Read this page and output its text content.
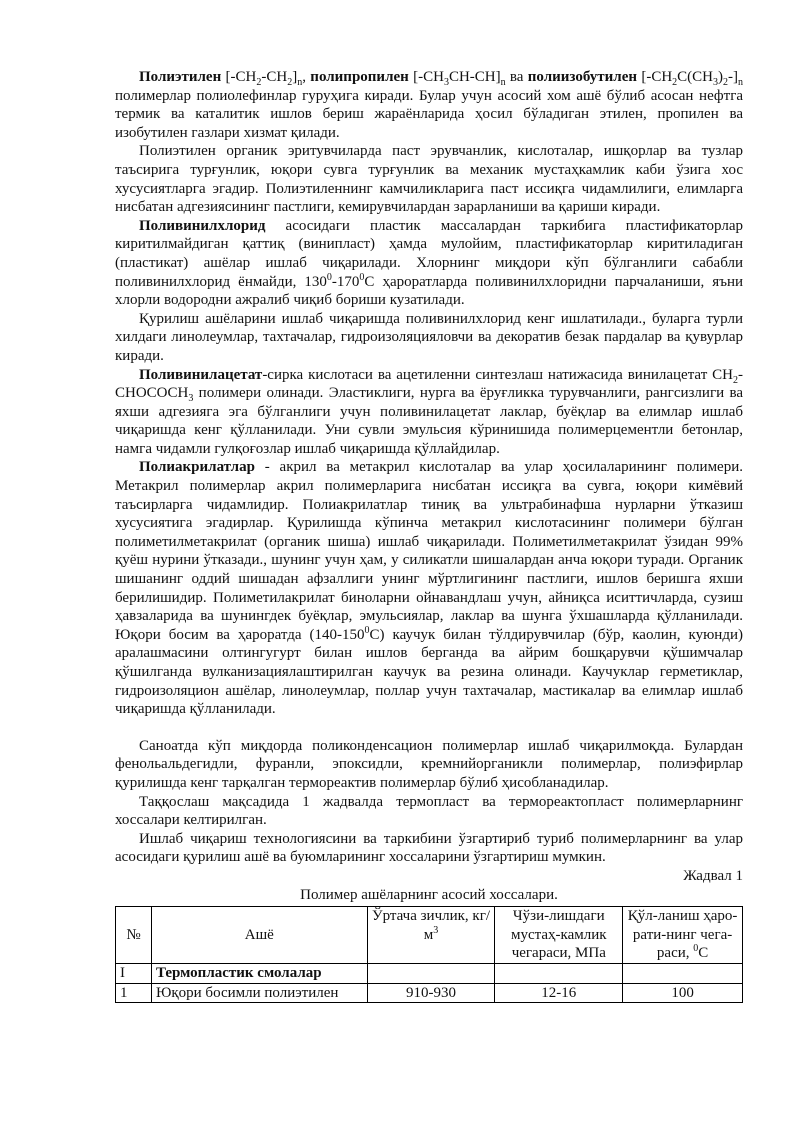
Полиэтилен $[-CH_2-CH_2]_n$, полипропилен $[-CH_3CH-CH]_n$ ва полиизобутилен $[-CH_2C(CH_3)_2-]_n$ полимерлар полиолефинлар гуруҳига киради. Булар учун асосий хом ашё бўлиб асосан нефтга термик ва каталитик ишлов бериш жараёнларида ҳосил бўладиган этилен, пропилен ва изобутилен газлари хизмат қилади.

Полиэтилен органик эритувчиларда паст эрувчанлик, кислоталар, ишқорлар ва тузлар таъсирига турғунлик, юқори сувга турғунлик ва механик мустаҳкамлик каби ўзига хос хусусиятларга эгадир. Полиэтиленнинг камчиликларига паст иссиқга чидамлилиги, елимларга нисбатан адгезиясининг пастлиги, кемирувчилардан зарарланиши ва қариши киради.

Поливинилхлорид асосидаги пластик массалардан таркибига пластификаторлар киритилмайдиган қаттиқ (винипласт) ҳамда мулойим, пластификаторлар киритиладиган (пластикат) ашёлар ишлаб чиқарилади. Хлорнинг миқдори кўп бўлганлиги сабабли поливинилхлорид ёнмайди, $130^0-170^0С$ ҳароратларда поливинилхлоридни парчаланиши, яъни хлорли водородни ажралиб чиқиб бориши кузатилади.

Қурилиш ашёларини ишлаб чиқаришда поливинилхлорид кенг ишлатилади., буларга турли хилдаги линолеумлар, тахтачалар, гидроизоляцияловчи ва декоратив безак пардалар ва қувурлар киради.

Поливинилацетат-сирка кислотаси ва ацетиленни синтезлаш натижасида винилацетат $CH_2-CHOCOCH_3$ полимери олинади. Эластиклиги, нурга ва ёруғликка турувчанлиги, рангсизлиги ва яхши адгезияга эга бўлганлиги учун поливинилацетат лаклар, буёқлар ва елимлар ишлаб чиқаришда кенг қўлланилади. Уни сувли эмульсия кўринишида полимерцементли бетонлар, намга чидамли гулқоғозлар ишлаб чиқаришда қўллайдилар.

Полиакрилатлар - акрил ва метакрил кислоталар ва улар ҳосилаларининг полимери. Метакрил полимерлар акрил полимерларига нисбатан иссиқга ва сувга, юқори кимёвий таъсирларга чидамлидир. Полиакрилатлар тиниқ ва ультрабинафша нурларни ўтказиш хусусиятига эгадирлар. Қурилишда кўпинча метакрил кислотасининг полимери бўлган полиметилметакрилат (органик шиша) ишлаб чиқарилади. Полиметилметакрилат ўзидан 99% қуёш нурини ўтказади., шунинг учун ҳам, у силикатли шишалардан анча юқори туради. Органик шишанинг оддий шишадан афзаллиги унинг мўртлигининг пастлиги, ишлов беришга яхши берилишидир. Полиметилакрилат биноларни ойнавандлаш учун, айниқса иситтичларда, сузиш ҳавзаларида ва шунингдек буёқлар, эмульсиялар, лаклар ва шунга ўхшашларда қўлланилади. Юқори босим ва ҳароратда $(140-150^0С)$ каучук билан тўлдирувчилар (бўр, каолин, куюнди) аралашмасини олтингугурт билан ишлов берганда ва айрим бошқарувчи қўшимчалар қўшилганда вулканизациялаштирилган каучук ва резина олинади. Каучуклар герметиклар, гидроизоляцион ашёлар, линолеумлар, поллар учун тахтачалар, мастикалар ва елимлар ишлаб чиқаришда қўлланилади.

Саноатда кўп миқдорда поликонденсацион полимерлар ишлаб чиқарилмоқда. Булардан фенольальдегидли, фуранли, эпоксидли, кремнийорганикли полимерлар, полиэфирлар қурилишда кенг тарқалган термореактив полимерлар бўлиб ҳисобланадилар.

Таққослаш мақсадида 1 жадвалда термопласт ва термореактопласт полимерларнинг хоссалари келтирилган.

Ишлаб чиқариш технологиясини ва таркибини ўзгартириб туриб полимерларнинг ва улар асосидаги қурилиш ашё ва буюмларининг хоссаларини ўзгартириш мумкин.

Жадвал 1
Полимер ашёларнинг асосий хоссалари.
№	Ашё	Ўртача зичлик, $кг/м^3$	Чўзи-лишдаги мустаҳ-камлик чегараси, МПа	Қўл-ланиш ҳаро-рати-нинг чега-раси, $^0$С
I	Термопластик смолалар			
1	Юқори босимли полиэтилен	910-930	12-16	100
